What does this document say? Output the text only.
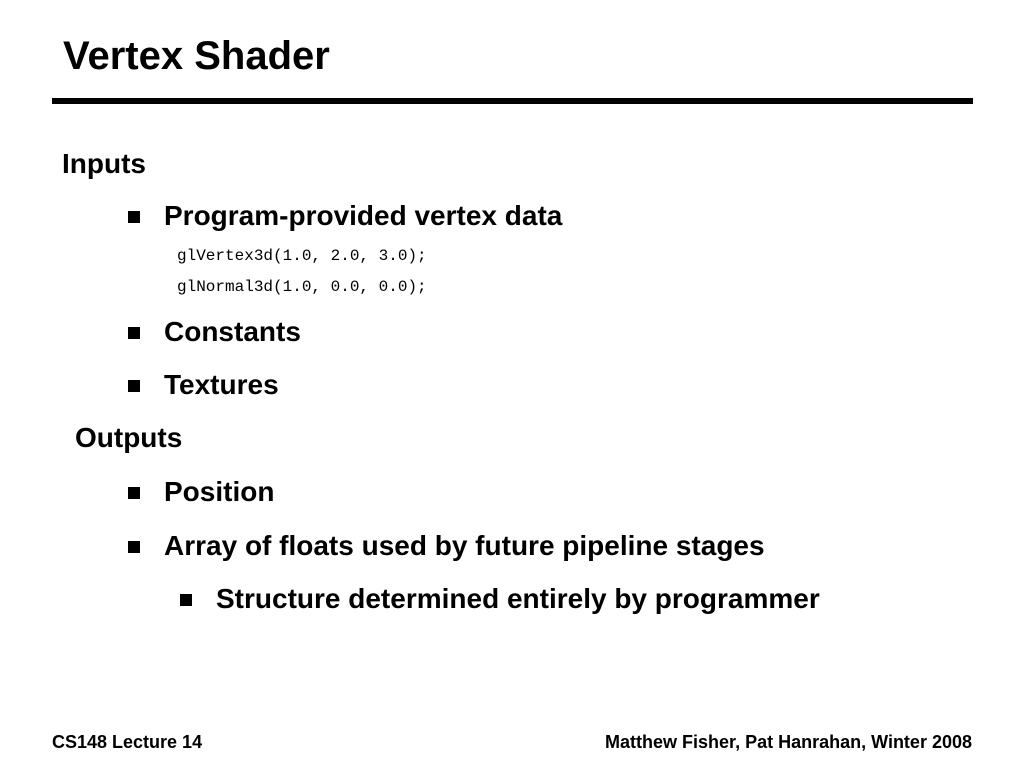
Vertex Shader
Inputs
Program-provided vertex data
glVertex3d(1.0, 2.0, 3.0);
glNormal3d(1.0, 0.0, 0.0);
Constants
Textures
Outputs
Position
Array of floats used by future pipeline stages
Structure determined entirely by programmer
CS148 Lecture 14	Matthew Fisher, Pat Hanrahan, Winter 2008
